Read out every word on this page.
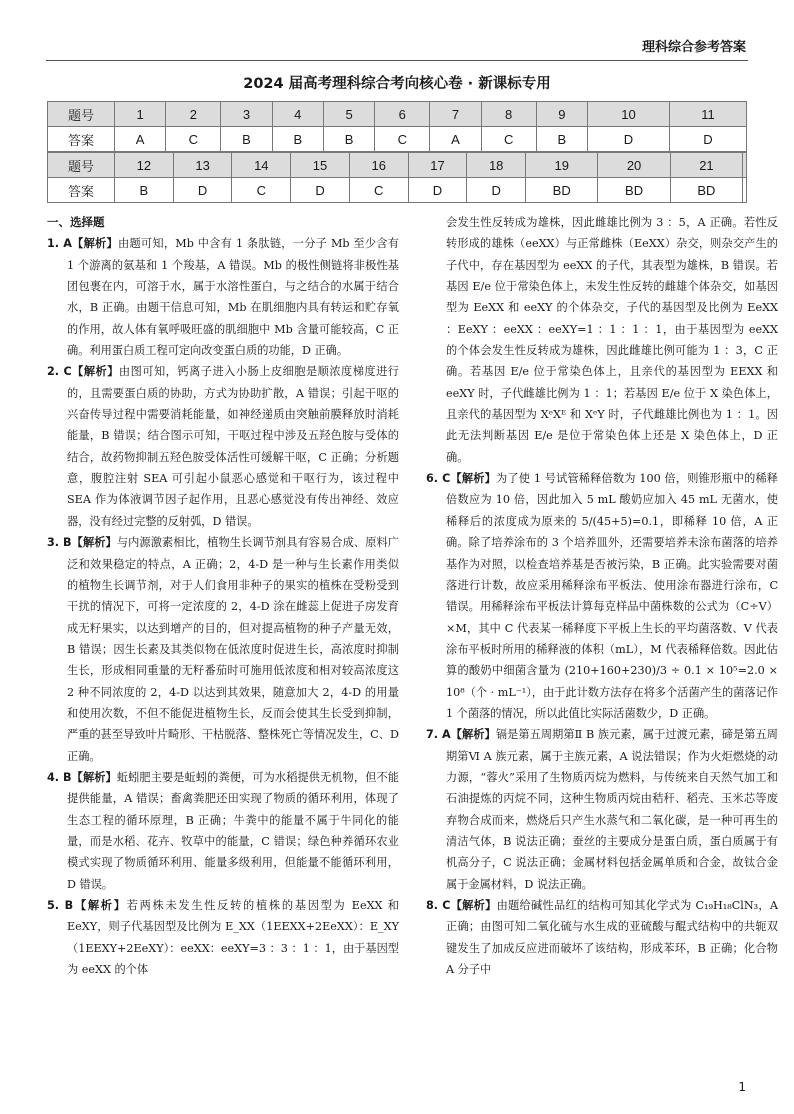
理科综合参考答案
2024 届高考理科综合考向核心卷 · 新课标专用
题号	1	2	3	4	5	6	7	8	9	10	11
答案	A	C	B	B	B	C	A	C	B	D	D
题号	12	13	14	15	16	17	18	19	20	21	
答案	B	D	C	D	C	D	D	BD	BD	BD	

一、选择题

1. A【解析】由题可知，Mb 中含有 1 条肽链，一分子 Mb 至少含有 1 个游离的氨基和 1 个羧基，A 错误。Mb 的极性侧链将非极性基团包裹在内，可溶于水，属于水溶性蛋白，与之结合的水属于结合水，B 正确。由题干信息可知，Mb 在肌细胞内具有转运和贮存氧的作用，故人体有氧呼吸旺盛的肌细胞中 Mb 含量可能较高，C 正确。利用蛋白质工程可定向改变蛋白质的功能，D 正确。

2. C【解析】由图可知，钙离子进入小肠上皮细胞是顺浓度梯度进行的，且需要蛋白质的协助，方式为协助扩散，A 错误；引起干呕的兴奋传导过程中需要消耗能量，如神经递质由突触前膜释放时消耗能量，B 错误；结合图示可知，干呕过程中涉及五羟色胺与受体的结合，故药物抑制五羟色胺受体活性可缓解干呕，C 正确；分析题意，腹腔注射 SEA 可引起小鼠恶心感觉和干呕行为，该过程中 SEA 作为体液调节因子起作用，且恶心感觉没有传出神经、效应器，没有经过完整的反射弧，D 错误。

3. B【解析】与内源激素相比，植物生长调节剂具有容易合成、原料广泛和效果稳定的特点，A 正确；2，4-D 是一种与生长素作用类似的植物生长调节剂，对于人们食用非种子的果实的植株在受粉受到干扰的情况下，可将一定浓度的 2，4-D 涂在雌蕊上促进子房发育成无籽果实，以达到增产的目的，但对提高植物的种子产量无效，B 错误；因生长素及其类似物在低浓度时促进生长，高浓度时抑制生长，形成相同重量的无籽番茄时可施用低浓度和相对较高浓度这 2 种不同浓度的 2，4-D 以达到其效果，随意加大 2，4-D 的用量和使用次数，不但不能促进植物生长，反而会使其生长受到抑制，严重的甚至导致叶片畸形、干枯脱落、整株死亡等情况发生，C、D 正确。

4. B【解析】蚯蚓肥主要是蚯蚓的粪便，可为水稻提供无机物，但不能提供能量，A 错误；畜禽粪肥还田实现了物质的循环利用，体现了生态工程的循环原理，B 正确；牛粪中的能量不属于牛同化的能量，而是水稻、花卉、牧草中的能量，C 错误；绿色种养循环农业模式实现了物质循环利用、能量多级利用，但能量不能循环利用，D 错误。

5. B【解析】若两株未发生性反转的植株的基因型为 EeXX 和 EeXY，则子代基因型及比例为 E_XX（1EEXX+2EeXX）：E_XY（1EEXY+2EeXY）：eeXX：eeXY=3 ：3 ：1 ：1，由于基因型为 eeXX 的个体

会发生性反转成为雄株，因此雌雄比例为 3 ：5，A 正确。若性反转形成的雄株（eeXX）与正常雌株（EeXX）杂交，则杂交产生的子代中，存在基因型为 eeXX 的子代，其表型为雄株，B 错误。若基因 E/e 位于常染色体上，未发生性反转的雌雄个体杂交，如基因型为 EeXX 和 eeXY 的个体杂交，子代的基因型及比例为 EeXX ：EeXY ：eeXX ：eeXY=1 ：1 ：1 ：1，由于基因型为 eeXX 的个体会发生性反转成为雄株，因此雌雄比例可能为 1 ：3，C 正确。若基因 E/e 位于常染色体上，且亲代的基因型为 EEXX 和 eeXY 时，子代雌雄比例为 1 ：1；若基因 E/e 位于 X 染色体上，且亲代的基因型为 XᵉXᴱ 和 XᵉY 时，子代雌雄比例也为 1 ：1。因此无法判断基因 E/e 是位于常染色体上还是 X 染色体上，D 正确。

6. C【解析】为了使 1 号试管稀释倍数为 100 倍，则锥形瓶中的稀释倍数应为 10 倍，因此加入 5 mL 酸奶应加入 45 mL 无菌水，使稀释后的浓度成为原来的 5/(45+5)=0.1，即稀释 10 倍，A 正确。除了培养涂布的 3 个培养皿外，还需要培养未涂布菌落的培养基作为对照，以检查培养基是否被污染，B 正确。此实验需要对菌落进行计数，故应采用稀释涂布平板法、使用涂布器进行涂布，C 错误。用稀释涂布平板法计算每克样品中菌株数的公式为（C÷V）×M，其中 C 代表某一稀释度下平板上生长的平均菌落数、V 代表涂布平板时所用的稀释液的体积（mL），M 代表稀释倍数。因此估算的酸奶中细菌含量为 (210+160+230)/3 ÷ 0.1 × 10⁵=2.0 × 10⁸（个 · mL⁻¹），由于此计数方法存在将多个活菌产生的菌落记作 1 个菌落的情况，所以此值比实际活菌数少，D 正确。

7. A【解析】镉是第五周期第Ⅱ B 族元素，属于过渡元素，碲是第五周期第Ⅵ A 族元素，属于主族元素，A 说法错误；作为火炬燃烧的动力源，“蓉火”采用了生物质丙烷为燃料，与传统来自天然气加工和石油提炼的丙烷不同，这种生物质丙烷由秸秆、稻壳、玉米芯等废弃物合成而来，燃烧后只产生水蒸气和二氧化碳，是一种可再生的清洁气体，B 说法正确；蚕丝的主要成分是蛋白质，蛋白质属于有机高分子，C 说法正确；金属材料包括金属单质和合金，故钛合金属于金属材料，D 说法正确。

8. C【解析】由题给碱性品红的结构可知其化学式为 C₁₉H₁₈ClN₃，A 正确；由图可知二氧化硫与水生成的亚硫酸与醌式结构中的共轭双键发生了加成反应进而破坏了该结构，形成苯环，B 正确；化合物 A 分子中

1
